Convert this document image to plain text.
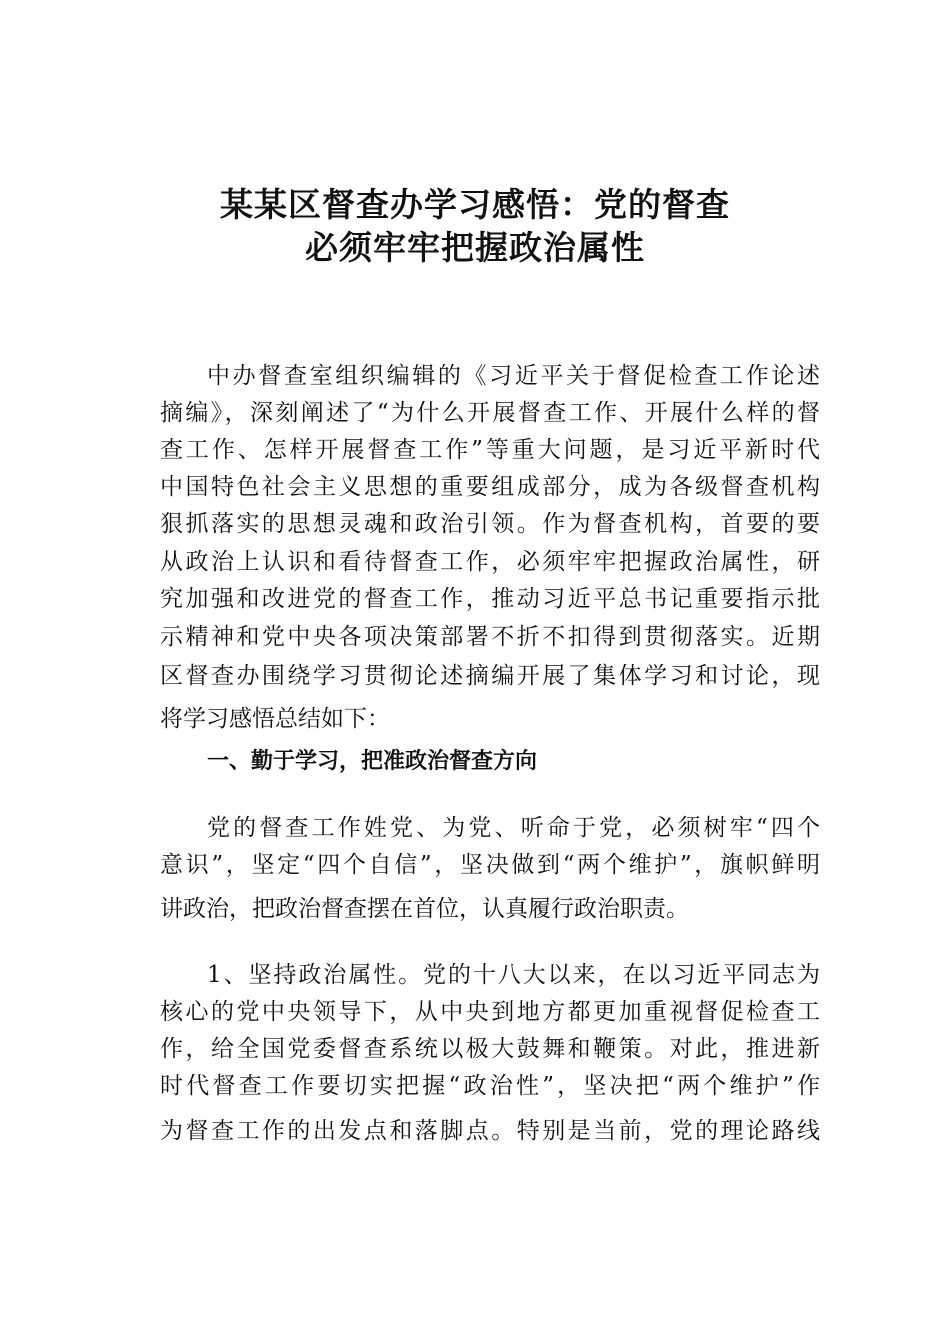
某某区督查办学习感悟：党的督查
必须牢牢把握政治属性
中办督查室组织编辑的《习近平关于督促检查工作论述
摘编》，深刻阐述了“为什么开展督查工作、开展什么样的督
查工作、怎样开展督查工作”等重大问题，是习近平新时代
中国特色社会主义思想的重要组成部分，成为各级督查机构
狠抓落实的思想灵魂和政治引领。作为督查机构，首要的要
从政治上认识和看待督查工作，必须牢牢把握政治属性，研
究加强和改进党的督查工作，推动习近平总书记重要指示批
示精神和党中央各项决策部署不折不扣得到贯彻落实。近期
区督查办围绕学习贯彻论述摘编开展了集体学习和讨论，现
将学习感悟总结如下：
一、勤于学习，把准政治督查方向
党的督查工作姓党、为党、听命于党，必须树牢“四个
意识”，坚定“四个自信”，坚决做到“两个维护”，旗帜鲜明
讲政治，把政治督查摆在首位，认真履行政治职责。
1、坚持政治属性。党的十八大以来，在以习近平同志为
核心的党中央领导下，从中央到地方都更加重视督促检查工
作，给全国党委督查系统以极大鼓舞和鞭策。对此，推进新
时代督查工作要切实把握“政治性”，坚决把“两个维护”作
为督查工作的出发点和落脚点。特别是当前，党的理论路线
